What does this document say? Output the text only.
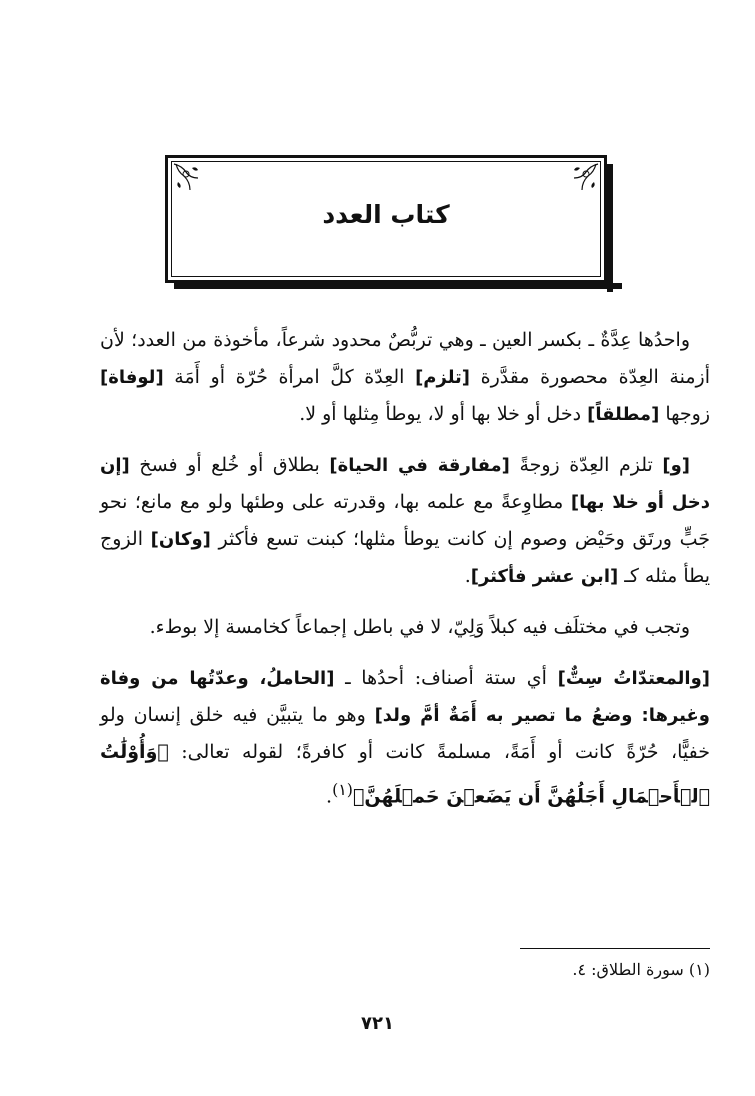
كتاب العدد

واحدُها عِدَّةٌ ـ بكسر العين ـ وهي تربُّصٌ محدود شرعاً، مأخوذة من العدد؛ لأن أزمنة العِدّة محصورة مقدَّرة [تلزم] العِدّة كلَّ امرأة حُرّة أو أَمَة [لوفاة] زوجها [مطلقاً] دخل أو خلا بها أو لا، يوطأ مِثلها أو لا.

[و] تلزم العِدّة زوجةً [مفارقة في الحياة] بطلاق أو خُلع أو فسخ [إن دخل أو خلا بها] مطاوِعةً مع علمه بها، وقدرته على وطئها ولو مع مانع؛ نحو جَبٍّ ورتَق وحَيْض وصوم إن كانت يوطأ مثلها؛ كبنت تسع فأكثر [وكان] الزوج يطأ مثله كـ [ابن عشر فأكثر].

وتجب في مختلَف فيه كبلاً وَلِيّ، لا في باطل إجماعاً كخامسة إلا بوطء.

[والمعتدّاتُ سِتٌّ] أي ستة أصناف: أحدُها ـ [الحاملُ، وعدّتُها من وفاة وغيرها: وضعُ ما تصير به أَمَةٌ أمَّ ولد] وهو ما يتبيَّن فيه خلق إنسان ولو خفيًّا، حُرّةً كانت أو أَمَةً، مسلمةً كانت أو كافرةً؛ لقوله تعالى: ﴿وَأُوْلَٰتُ ٱلۡأَحۡمَالِ أَجَلُهُنَّ أَن يَضَعۡنَ حَمۡلَهُنَّ﴾$^{(١)}$.

(١) سورة الطلاق: ٤.
٧٢١
